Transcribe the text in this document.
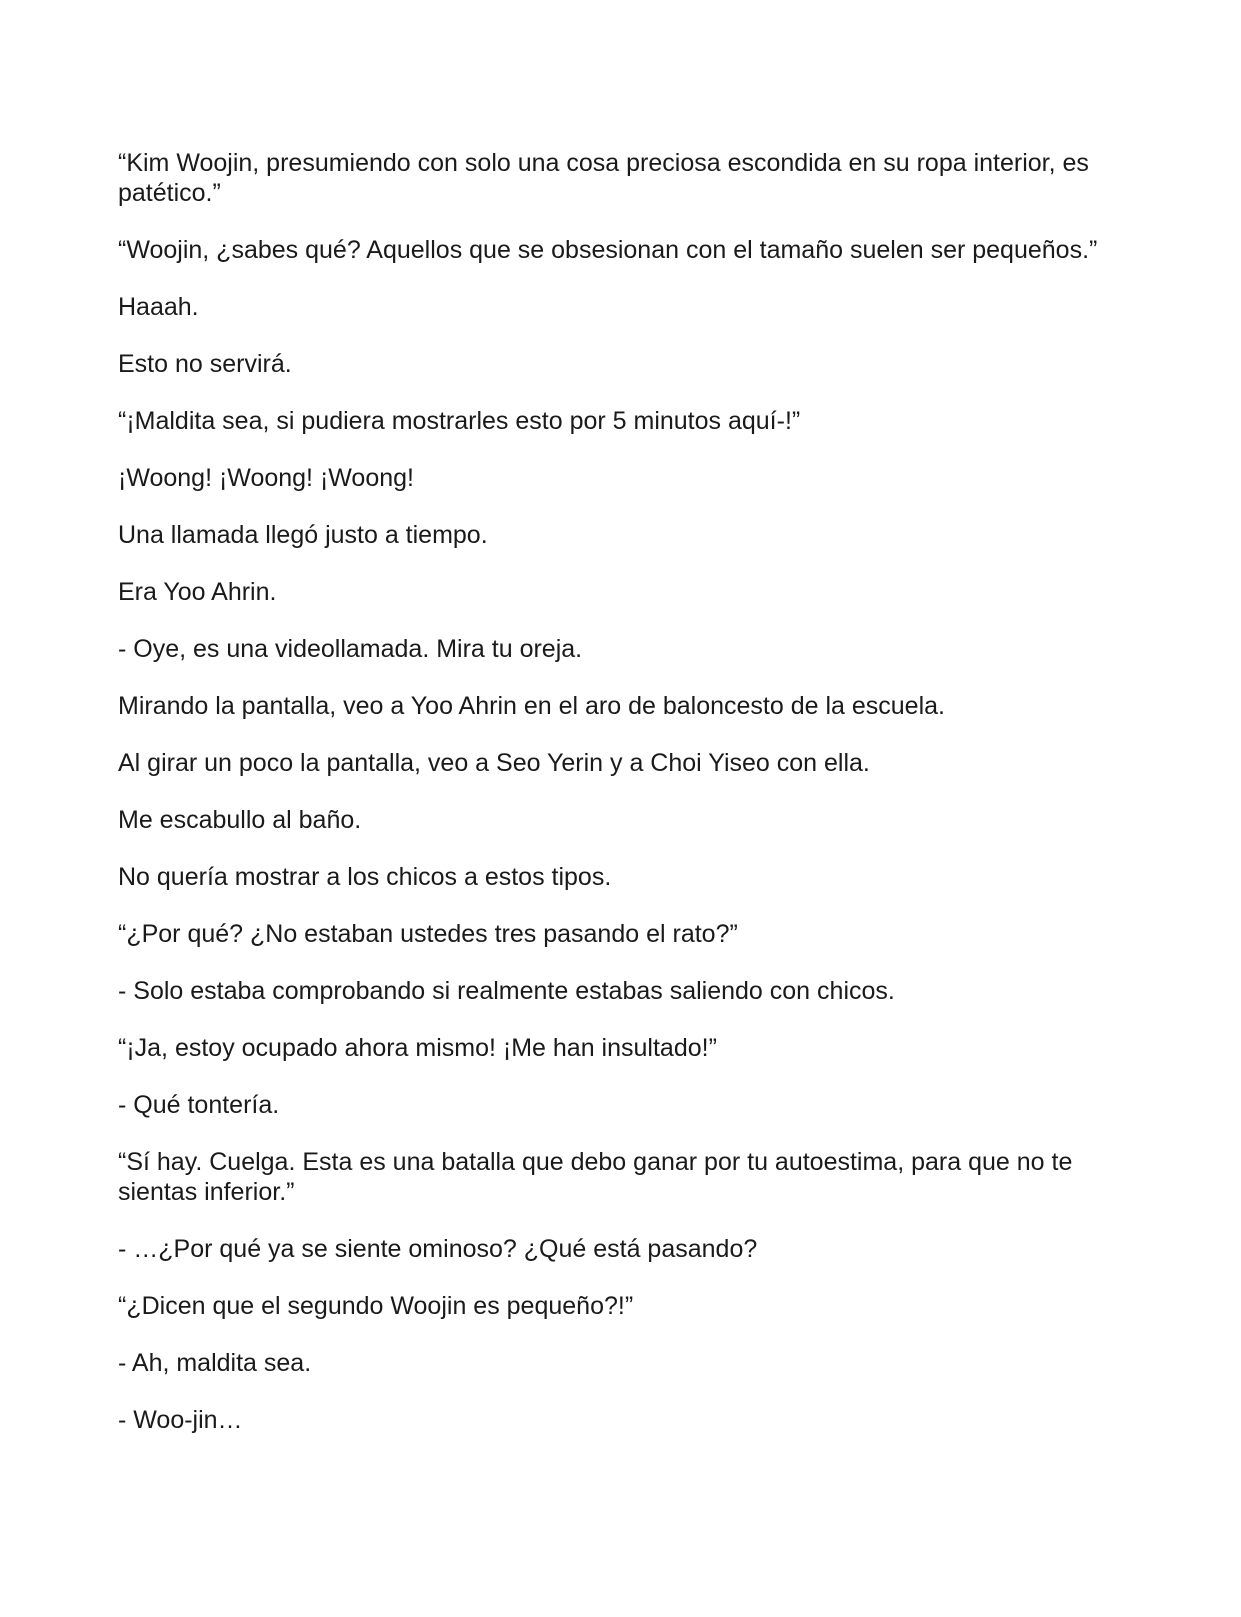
“Kim Woojin, presumiendo con solo una cosa preciosa escondida en su ropa interior, es patético.”

“Woojin, ¿sabes qué? Aquellos que se obsesionan con el tamaño suelen ser pequeños.”

Haaah.

Esto no servirá.

“¡Maldita sea, si pudiera mostrarles esto por 5 minutos aquí-!”

¡Woong! ¡Woong! ¡Woong!

Una llamada llegó justo a tiempo.

Era Yoo Ahrin.

- Oye, es una videollamada. Mira tu oreja.

Mirando la pantalla, veo a Yoo Ahrin en el aro de baloncesto de la escuela.

Al girar un poco la pantalla, veo a Seo Yerin y a Choi Yiseo con ella.

Me escabullo al baño.

No quería mostrar a los chicos a estos tipos.

“¿Por qué? ¿No estaban ustedes tres pasando el rato?”

- Solo estaba comprobando si realmente estabas saliendo con chicos.

“¡Ja, estoy ocupado ahora mismo! ¡Me han insultado!”

- Qué tontería.

“Sí hay. Cuelga. Esta es una batalla que debo ganar por tu autoestima, para que no te sientas inferior.”

- …¿Por qué ya se siente ominoso? ¿Qué está pasando?

“¿Dicen que el segundo Woojin es pequeño?!”

- Ah, maldita sea.

- Woo-jin…
